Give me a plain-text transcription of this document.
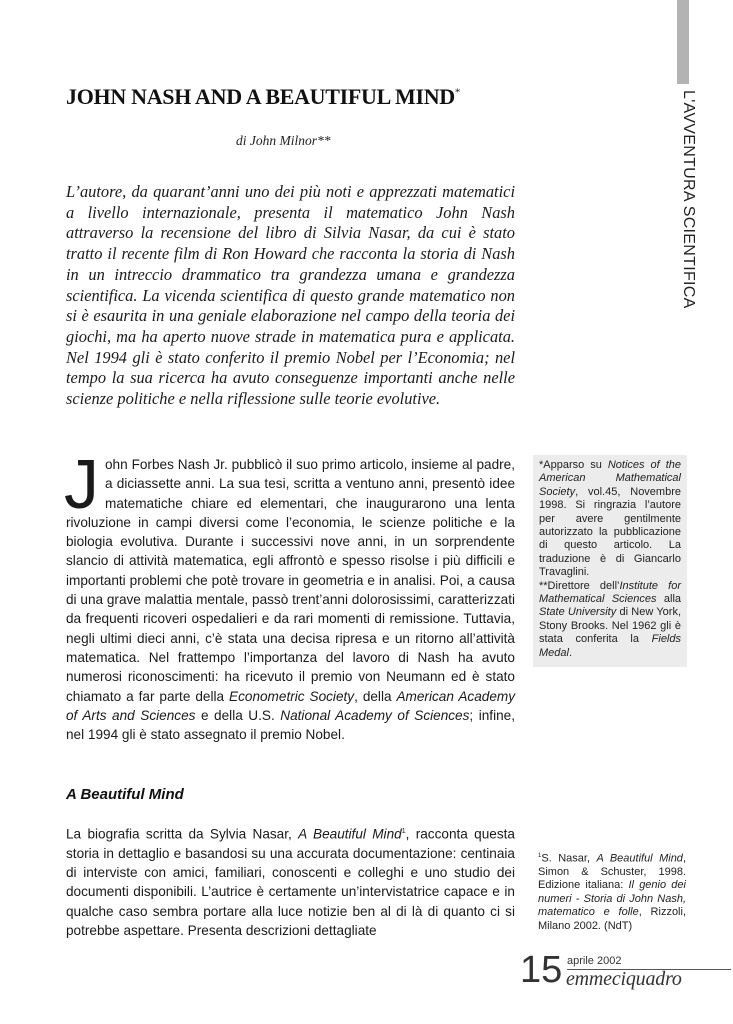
L'AVVENTURA SCIENTIFICA
JOHN NASH AND A BEAUTIFUL MIND*

di John Milnor**

L’autore, da quarant’anni uno dei più noti e apprezzati matematici a livello internazionale, presenta il matematico John Nash attraverso la recensione del libro di Silvia Nasar, da cui è stato tratto il recente film di Ron Howard che racconta la storia di Nash in un intreccio drammatico tra grandezza umana e grandezza scientifica. La vicenda scientifica di questo grande matematico non si è esaurita in una geniale elaborazione nel campo della teoria dei giochi, ma ha aperto nuove strade in matematica pura e applicata. Nel 1994 gli è stato conferito il premio Nobel per l’Economia; nel tempo la sua ricerca ha avuto conseguenze importanti anche nelle scienze politiche e nella riflessione sulle teorie evolutive.

John Forbes Nash Jr. pubblicò il suo primo articolo, insieme al padre, a diciassette anni. La sua tesi, scritta a ventuno anni, presentò idee matematiche chiare ed elementari, che inaugurarono una lenta rivoluzione in campi diversi come l’economia, le scienze politiche e la biologia evolutiva. Durante i successivi nove anni, in un sorprendente slancio di attività matematica, egli affrontò e spesso risolse i più difficili e importanti problemi che potè trovare in geometria e in analisi. Poi, a causa di una grave malattia mentale, passò trent’anni dolorosissimi, caratterizzati da frequenti ricoveri ospedalieri e da rari momenti di remissione. Tuttavia, negli ultimi dieci anni, c’è stata una decisa ripresa e un ritorno all’attività matematica. Nel frattempo l’importanza del lavoro di Nash ha avuto numerosi riconoscimenti: ha ricevuto il premio von Neumann ed è stato chiamato a far parte della Econometric Society, della American Academy of Arts and Sciences e della U.S. National Academy of Sciences; infine, nel 1994 gli è stato assegnato il premio Nobel.
A Beautiful Mind
La biografia scritta da Sylvia Nasar, A Beautiful Mind$^1$, racconta questa storia in dettaglio e basandosi su una accurata documentazione: centinaia di interviste con amici, familiari, conoscenti e colleghi e uno studio dei documenti disponibili. L’autrice è certamente un’intervistatrice capace e in qualche caso sembra portare alla luce notizie ben al di là di quanto ci si potrebbe aspettare. Presenta descrizioni dettagliate

*Apparso su Notices of the American Mathematical Society, vol.45, Novembre 1998. Si ringrazia l’autore per avere gentilmente autorizzato la pubblicazione di questo articolo. La traduzione è di Giancarlo Travaglini.

**Direttore dell’Institute for Mathematical Sciences alla State University di New York, Stony Brooks. Nel 1962 gli è stata conferita la Fields Medal.

$^1$S. Nasar, A Beautiful Mind, Simon & Schuster, 1998. Edizione italiana: Il genio dei numeri - Storia di John Nash, matematico e folle, Rizzoli, Milano 2002. (NdT)

15 aprile 2002
emmeciquadro
